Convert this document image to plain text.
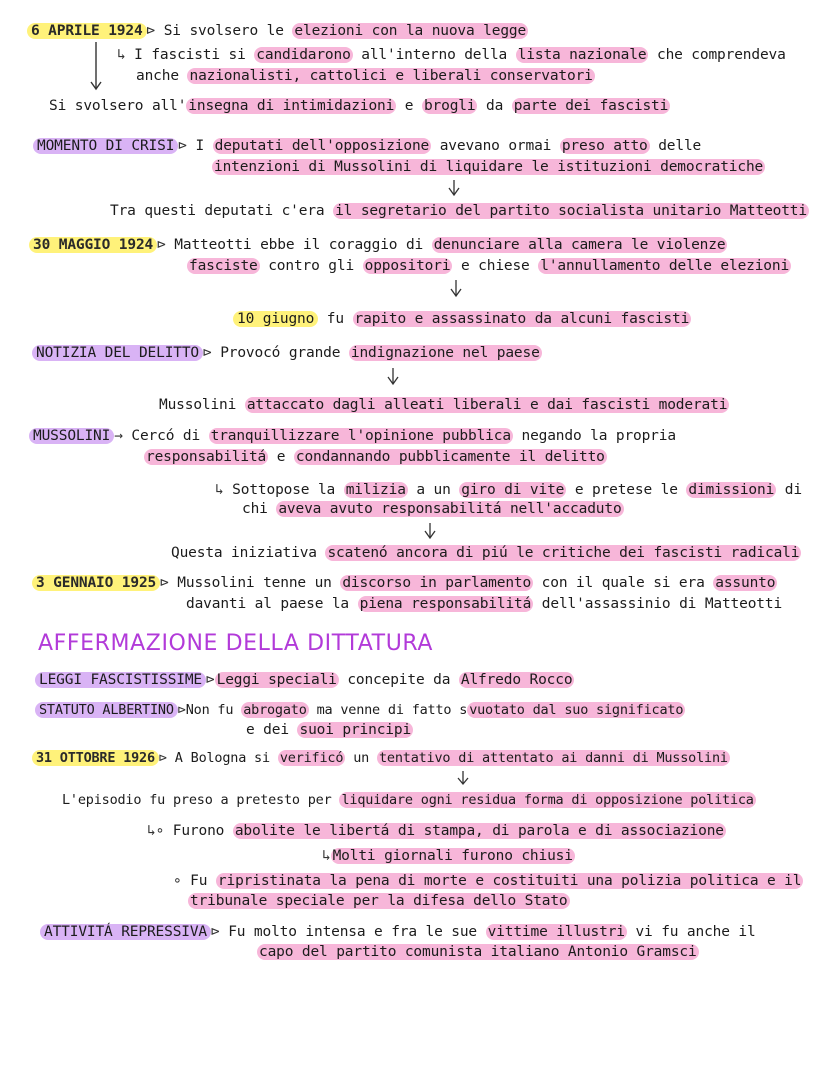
6 APRILE 1924 ⊳ Si svolsero le elezioni con la nuova legge
↳ I fascisti si candidarono all'interno della lista nazionale che comprendeva
anche nazionalisti, cattolici e liberali conservatori
Si svolsero all' insegna di intimidazioni e brogli da parte dei fascisti
MOMENTO DI CRISI ⊳ I deputati dell'opposizione avevano ormai preso atto delle
intenzioni di Mussolini di liquidare le istituzioni democratiche
Tra questi deputati c'era il segretario del partito socialista unitario Matteotti
30 MAGGIO 1924 ⊳ Matteotti ebbe il coraggio di denunciare alla camera le violenze
fasciste contro gli oppositori e chiese l'annullamento delle elezioni
10 giugno fu rapito e assassinato da alcuni fascisti
NOTIZIA DEL DELITTO ⊳ Provocó grande indignazione nel paese
Mussolini attaccato dagli alleati liberali e dai fascisti moderati
MUSSOLINI → Cercó di tranquillizzare l'opinione pubblica negando la propria
responsabilitá e condannando pubblicamente il delitto
↳ Sottopose la milizia a un giro di vite e pretese le dimissioni di
chi aveva avuto responsabilitá nell'accaduto
Questa iniziativa scatenó ancora di piú le critiche dei fascisti radicali
3 GENNAIO 1925 ⊳ Mussolini tenne un discorso in parlamento con il quale si era assunto
davanti al paese la piena responsabilitá dell'assassinio di Matteotti
AFFERMAZIONE DELLA DITTATURA
LEGGI FASCISTISSIME ⊳ Leggi speciali concepite da Alfredo Rocco
STATUTO ALBERTINO ⊳Non fu abrogato ma venne di fatto s vuotato dal suo significato
e dei suoi principi
31 OTTOBRE 1926 ⊳ A Bologna si verificó un tentativo di attentato ai danni di Mussolini
L'episodio fu preso a pretesto per liquidare ogni residua forma di opposizione politica
↳∘ Furono abolite le libertá di stampa, di parola e di associazione
↳ Molti giornali furono chiusi
∘ Fu ripristinata la pena di morte e costituiti una polizia politica e il
tribunale speciale per la difesa dello Stato
ATTIVITÁ REPRESSIVA ⊳ Fu molto intensa e fra le sue vittime illustri vi fu anche il
capo del partito comunista italiano Antonio Gramsci
